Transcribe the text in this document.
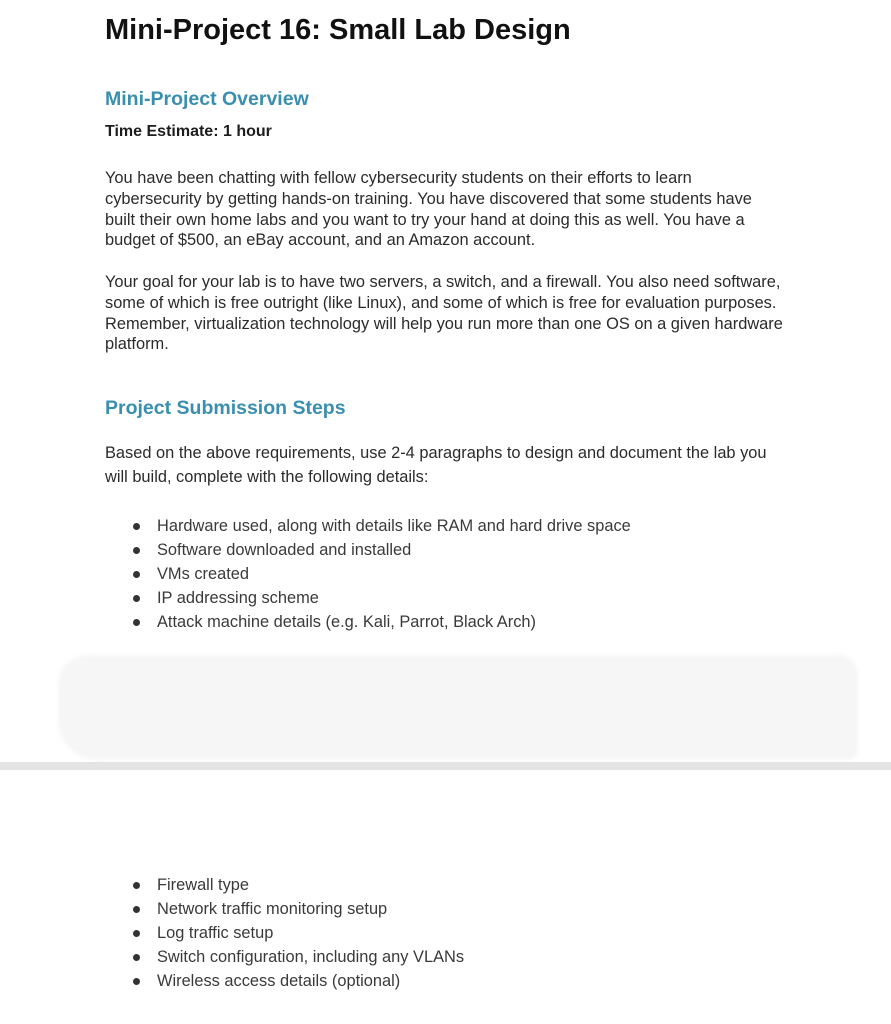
Mini-Project 16: Small Lab Design
Mini-Project Overview
Time Estimate: 1 hour

You have been chatting with fellow cybersecurity students on their efforts to learn cybersecurity by getting hands-on training. You have discovered that some students have built their own home labs and you want to try your hand at doing this as well. You have a budget of $500, an eBay account, and an Amazon account.

Your goal for your lab is to have two servers, a switch, and a firewall. You also need software, some of which is free outright (like Linux), and some of which is free for evaluation purposes. Remember, virtualization technology will help you run more than one OS on a given hardware platform.

Project Submission Steps

Based on the above requirements, use 2-4 paragraphs to design and document the lab you will build, complete with the following details:

Hardware used, along with details like RAM and hard drive space
Software downloaded and installed
VMs created
IP addressing scheme
Attack machine details (e.g. Kali, Parrot, Black Arch)
Firewall type
Network traffic monitoring setup
Log traffic setup
Switch configuration, including any VLANs
Wireless access details (optional)
